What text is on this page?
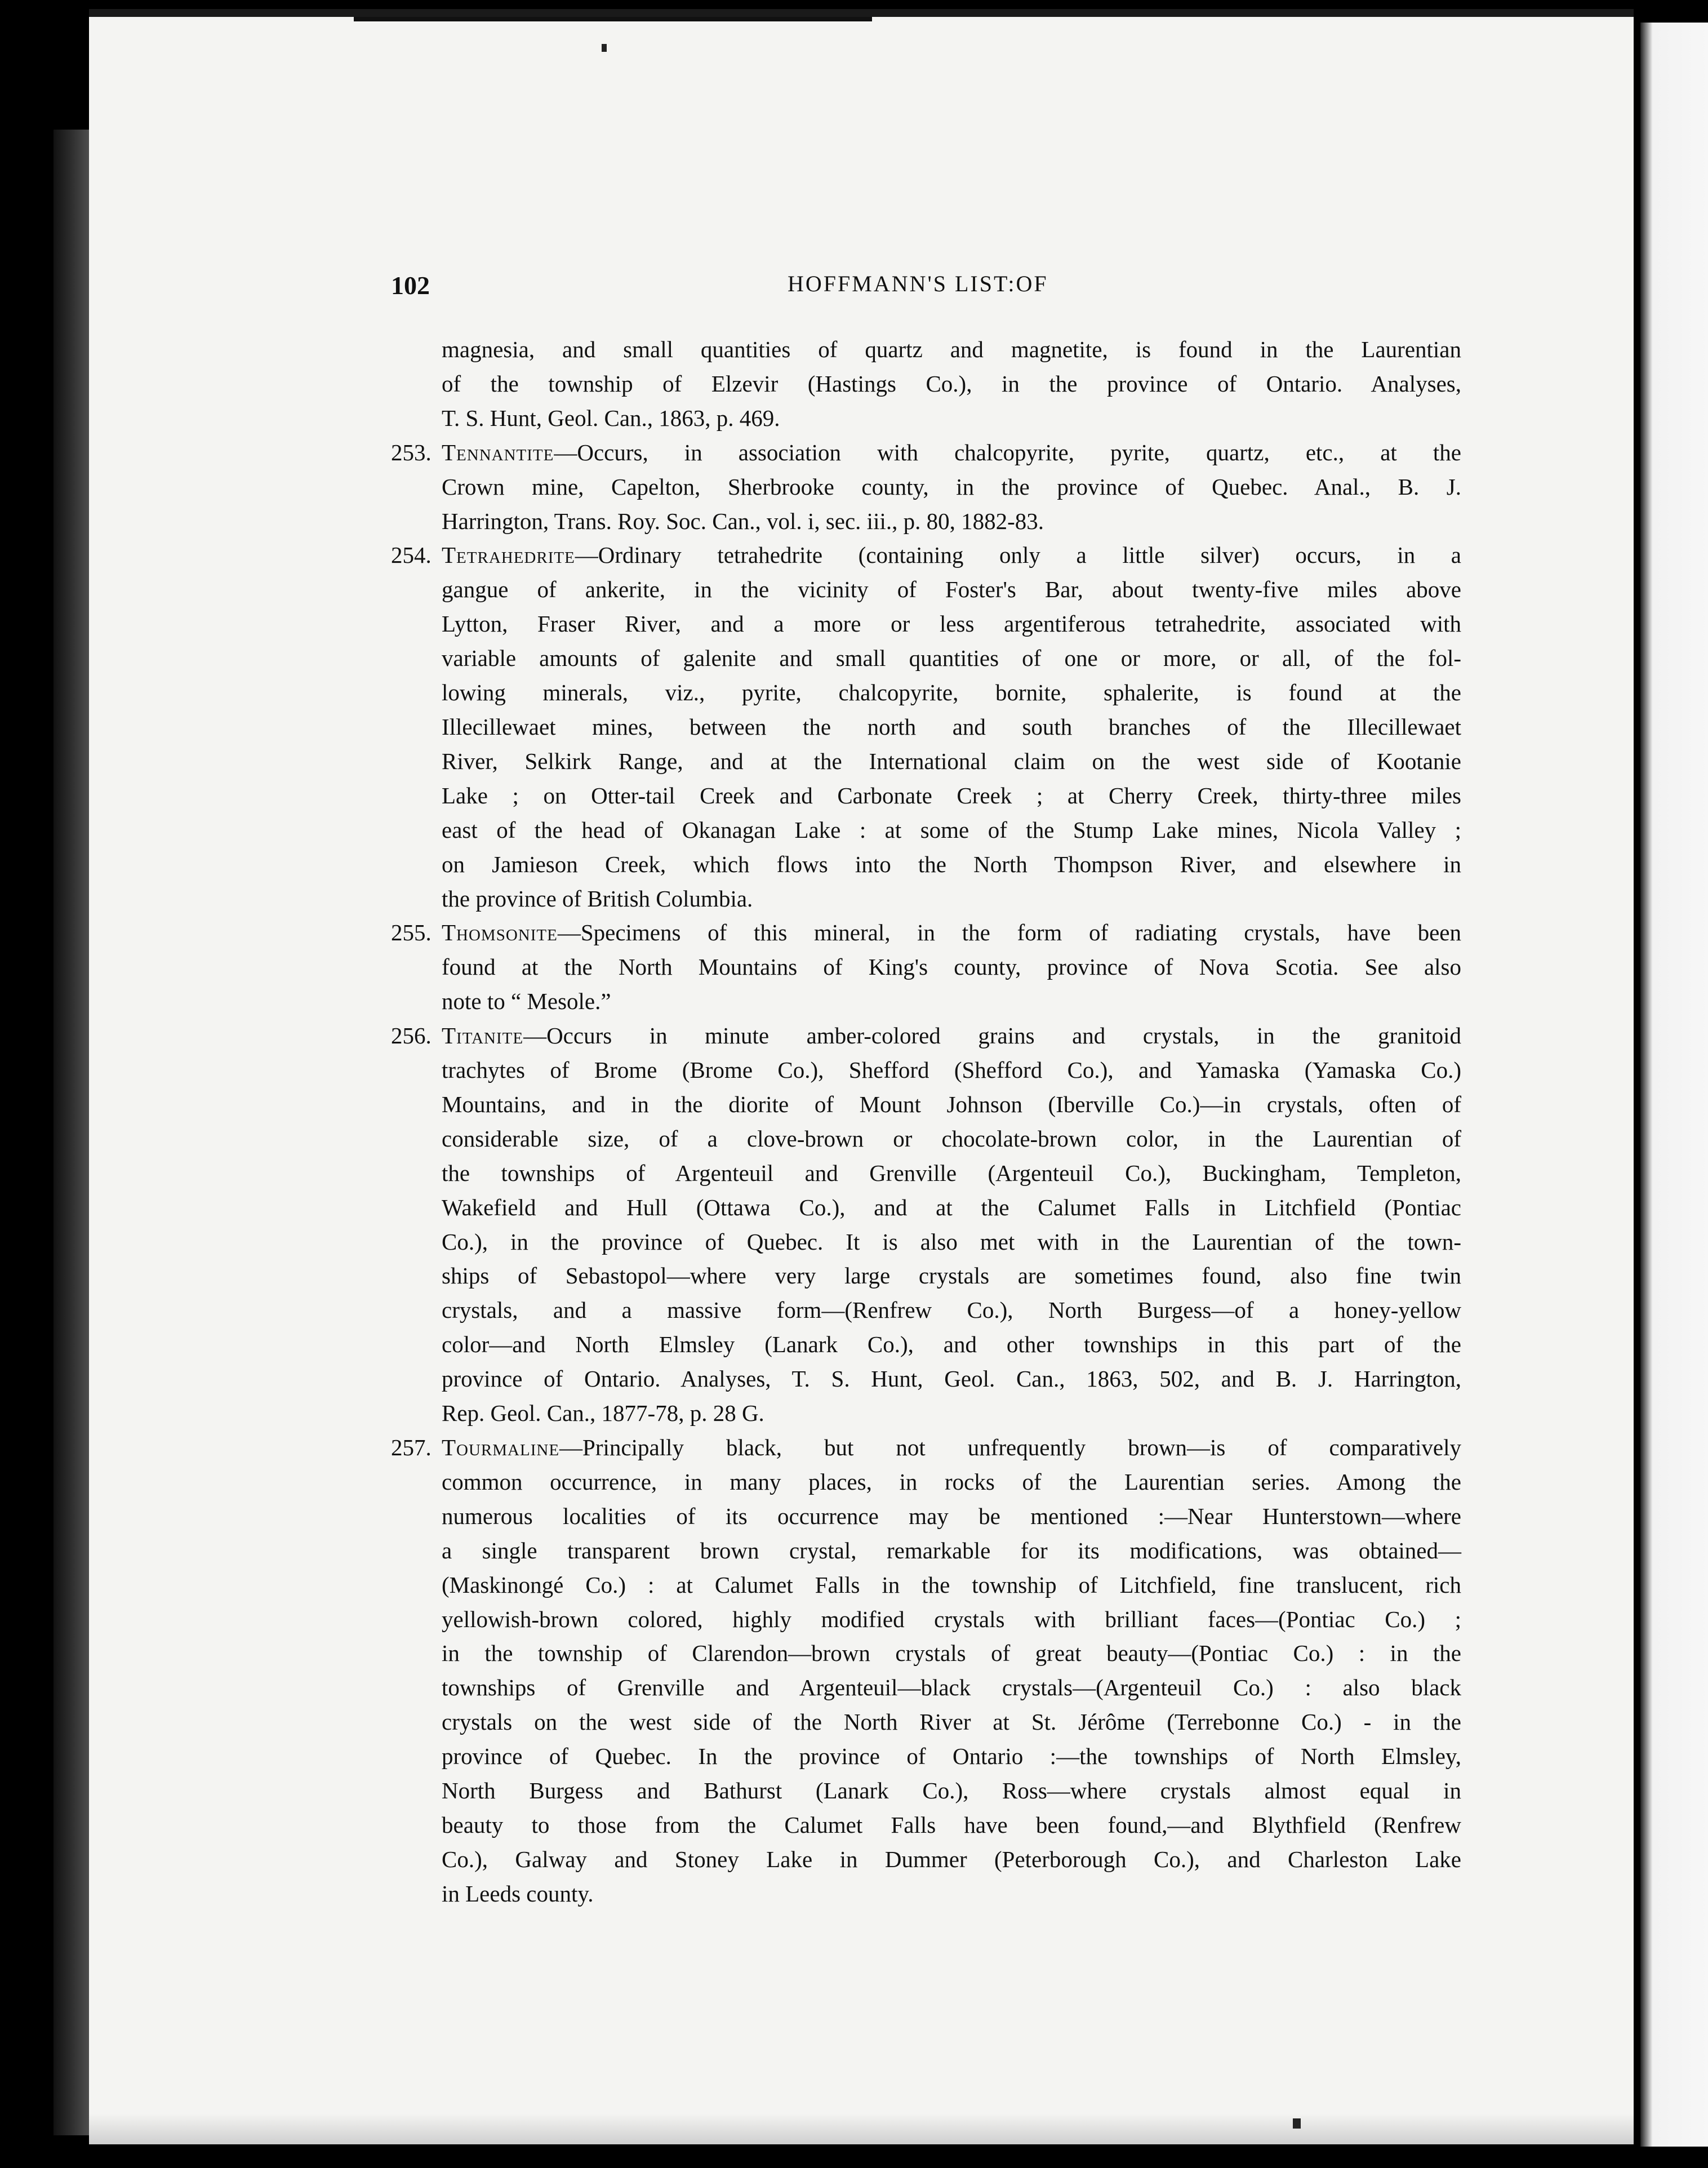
102	HOFFMANN'S LIST:OF
magnesia, and small quantities of quartz and magnetite, is found in the Laurentian
of the township of Elzevir (Hastings Co.), in the province of Ontario. Analyses,
T. S. Hunt, Geol. Can., 1863, p. 469.
253. Tennantite—Occurs, in association with chalcopyrite, pyrite, quartz, etc., at the
Crown mine, Capelton, Sherbrooke county, in the province of Quebec. Anal., B. J.
Harrington, Trans. Roy. Soc. Can., vol. i, sec. iii., p. 80, 1882-83.
254. Tetrahedrite—Ordinary tetrahedrite (containing only a little silver) occurs, in a
gangue of ankerite, in the vicinity of Foster's Bar, about twenty-five miles above
Lytton, Fraser River, and a more or less argentiferous tetrahedrite, associated with
variable amounts of galenite and small quantities of one or more, or all, of the fol-
lowing minerals, viz., pyrite, chalcopyrite, bornite, sphalerite, is found at the
Illecillewaet mines, between the north and south branches of the Illecillewaet
River, Selkirk Range, and at the International claim on the west side of Kootanie
Lake ; on Otter-tail Creek and Carbonate Creek ; at Cherry Creek, thirty-three miles
east of the head of Okanagan Lake : at some of the Stump Lake mines, Nicola Valley ;
on Jamieson Creek, which flows into the North Thompson River, and elsewhere in
the province of British Columbia.
255. Thomsonite—Specimens of this mineral, in the form of radiating crystals, have been
found at the North Mountains of King's county, province of Nova Scotia. See also
note to “ Mesole.”
256. Titanite—Occurs in minute amber-colored grains and crystals, in the granitoid
trachytes of Brome (Brome Co.), Shefford (Shefford Co.), and Yamaska (Yamaska Co.)
Mountains, and in the diorite of Mount Johnson (Iberville Co.)—in crystals, often of
considerable size, of a clove-brown or chocolate-brown color, in the Laurentian of
the townships of Argenteuil and Grenville (Argenteuil Co.), Buckingham, Templeton,
Wakefield and Hull (Ottawa Co.), and at the Calumet Falls in Litchfield (Pontiac
Co.), in the province of Quebec. It is also met with in the Laurentian of the town-
ships of Sebastopol—where very large crystals are sometimes found, also fine twin
crystals, and a massive form—(Renfrew Co.), North Burgess—of a honey-yellow
color—and North Elmsley (Lanark Co.), and other townships in this part of the
province of Ontario. Analyses, T. S. Hunt, Geol. Can., 1863, 502, and B. J. Harrington,
Rep. Geol. Can., 1877-78, p. 28 G.
257. Tourmaline—Principally black, but not unfrequently brown—is of comparatively
common occurrence, in many places, in rocks of the Laurentian series. Among the
numerous localities of its occurrence may be mentioned :—Near Hunterstown—where
a single transparent brown crystal, remarkable for its modifications, was obtained—
(Maskinongé Co.) : at Calumet Falls in the township of Litchfield, fine translucent, rich
yellowish-brown colored, highly modified crystals with brilliant faces—(Pontiac Co.) ;
in the township of Clarendon—brown crystals of great beauty—(Pontiac Co.) : in the
townships of Grenville and Argenteuil—black crystals—(Argenteuil Co.) : also black
crystals on the west side of the North River at St. Jérôme (Terrebonne Co.) - in the
province of Quebec. In the province of Ontario :—the townships of North Elmsley,
North Burgess and Bathurst (Lanark Co.), Ross—where crystals almost equal in
beauty to those from the Calumet Falls have been found,—and Blythfield (Renfrew
Co.), Galway and Stoney Lake in Dummer (Peterborough Co.), and Charleston Lake
in Leeds county.
